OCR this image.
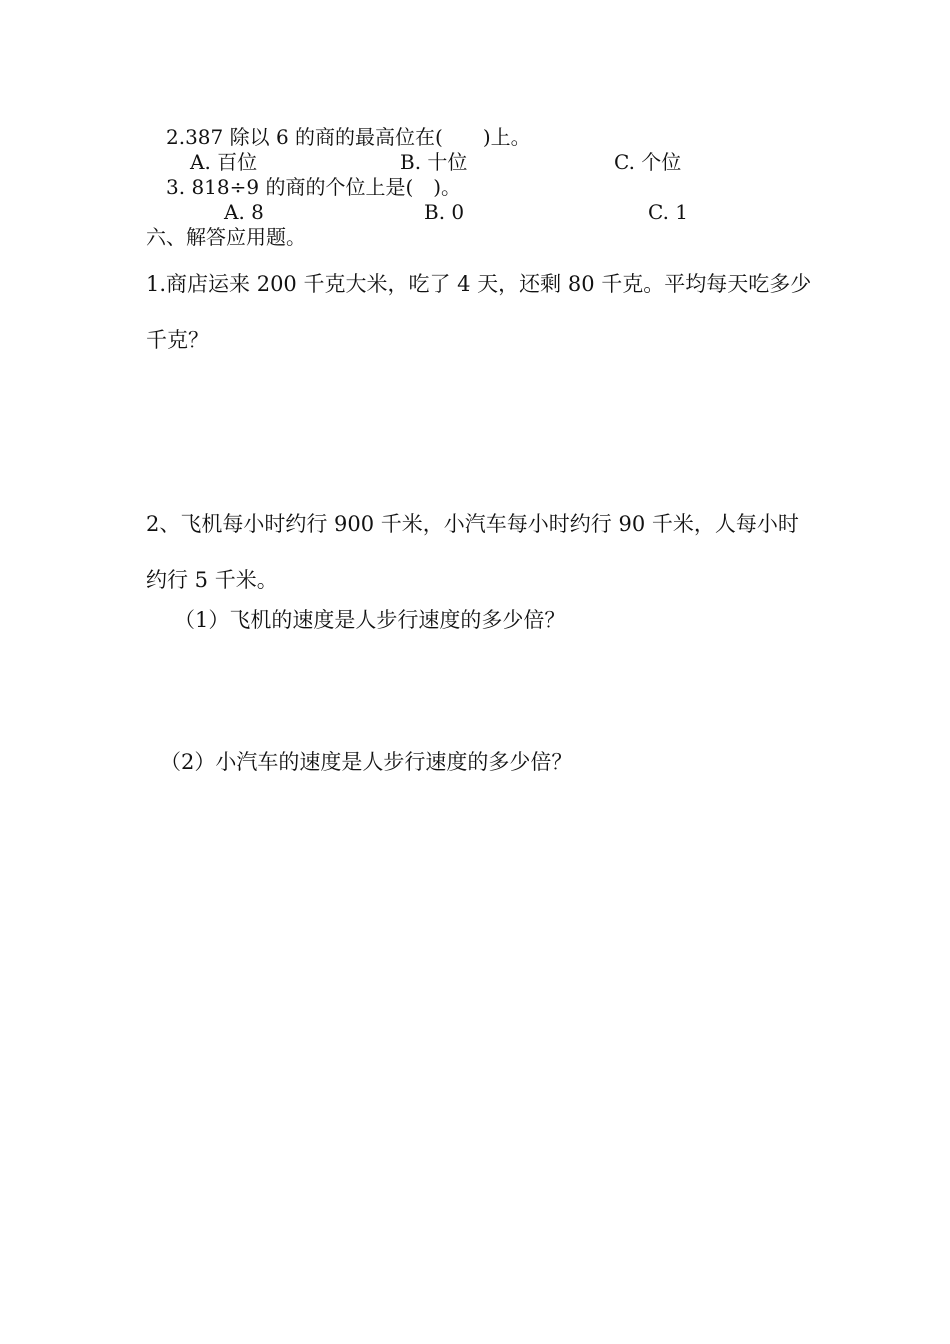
2.387 除以 6 的商的最高位在(　　)上。
A. 百位	B. 十位	C. 个位
3. 818÷9 的商的个位上是(　)。
A. 8	B. 0	C. 1
六、解答应用题。
1.商店运来 200 千克大米，吃了 4 天，还剩 80 千克。平均每天吃多少千克？
2、飞机每小时约行 900 千米，小汽车每小时约行 90 千米，人每小时约行 5 千米。
（1）飞机的速度是人步行速度的多少倍？
（2）小汽车的速度是人步行速度的多少倍？
